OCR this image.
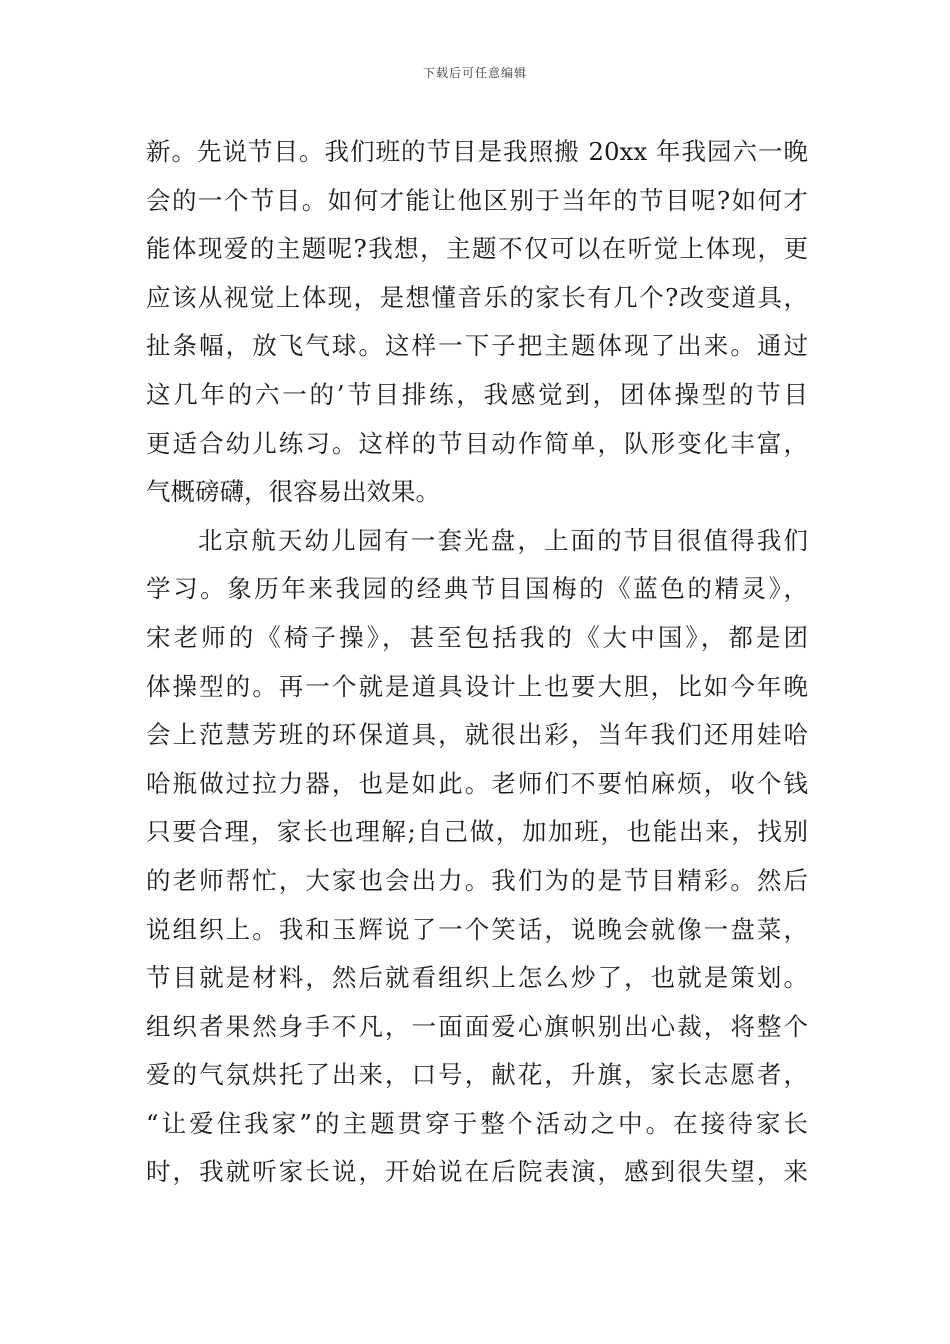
下载后可任意编辑
新。先说节目。我们班的节目是我照搬 20xx 年我园六一晚
会的一个节目。如何才能让他区别于当年的节目呢?如何才
能体现爱的主题呢?我想，主题不仅可以在听觉上体现，更
应该从视觉上体现，是想懂音乐的家长有几个?改变道具，
扯条幅，放飞气球。这样一下子把主题体现了出来。通过
这几年的六一的’节目排练，我感觉到，团体操型的节目
更适合幼儿练习。这样的节目动作简单，队形变化丰富，
气概磅礴，很容易出效果。
北京航天幼儿园有一套光盘，上面的节目很值得我们
学习。象历年来我园的经典节目国梅的《蓝色的精灵》，
宋老师的《椅子操》，甚至包括我的《大中国》，都是团
体操型的。再一个就是道具设计上也要大胆，比如今年晚
会上范慧芳班的环保道具，就很出彩，当年我们还用娃哈
哈瓶做过拉力器，也是如此。老师们不要怕麻烦，收个钱
只要合理，家长也理解;自己做，加加班，也能出来，找别
的老师帮忙，大家也会出力。我们为的是节目精彩。然后
说组织上。我和玉辉说了一个笑话，说晚会就像一盘菜，
节目就是材料，然后就看组织上怎么炒了，也就是策划。
组织者果然身手不凡，一面面爱心旗帜别出心裁，将整个
爱的气氛烘托了出来，口号，献花，升旗，家长志愿者，
“让爱住我家”的主题贯穿于整个活动之中。在接待家长
时，我就听家长说，开始说在后院表演，感到很失望，来
